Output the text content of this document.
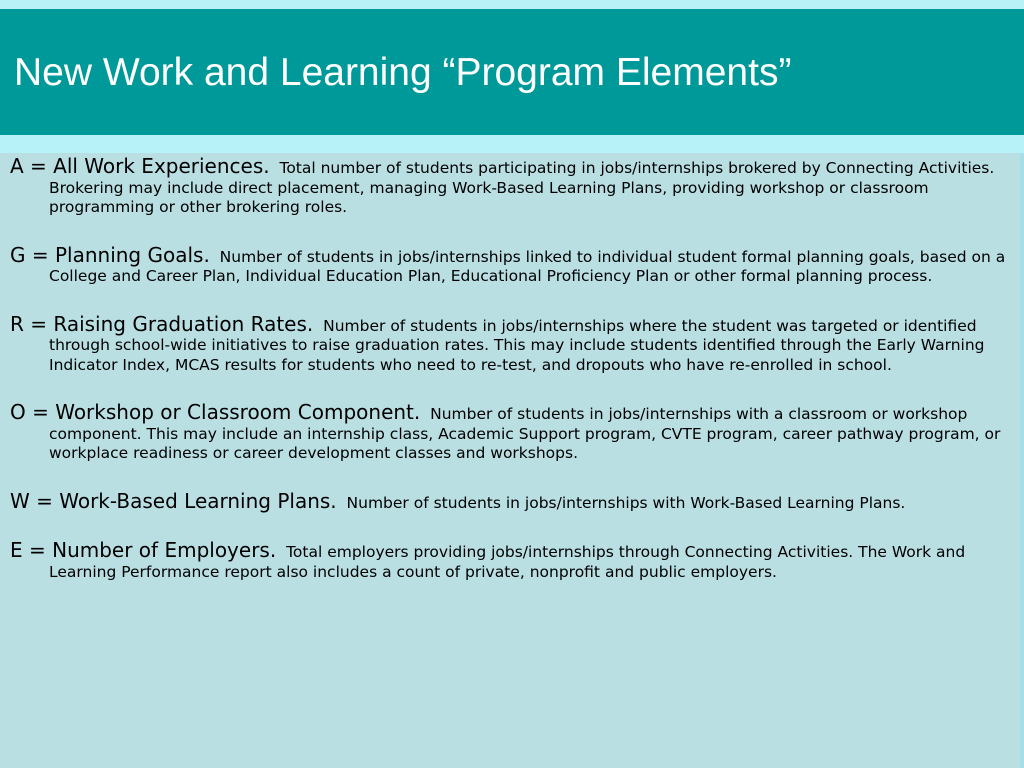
New Work and Learning “Program Elements”

A = All Work Experiences. Total number of students participating in jobs/internships brokered by Connecting Activities. Brokering may include direct placement, managing Work-Based Learning Plans, providing workshop or classroom programming or other brokering roles.

G = Planning Goals. Number of students in jobs/internships linked to individual student formal planning goals, based on a College and Career Plan, Individual Education Plan, Educational Proficiency Plan or other formal planning process.

R = Raising Graduation Rates. Number of students in jobs/internships where the student was targeted or identified through school-wide initiatives to raise graduation rates. This may include students identified through the Early Warning Indicator Index, MCAS results for students who need to re-test, and dropouts who have re-enrolled in school.

O = Workshop or Classroom Component. Number of students in jobs/internships with a classroom or workshop component. This may include an internship class, Academic Support program, CVTE program, career pathway program, or workplace readiness or career development classes and workshops.

W = Work-Based Learning Plans. Number of students in jobs/internships with Work-Based Learning Plans.

E = Number of Employers. Total employers providing jobs/internships through Connecting Activities. The Work and Learning Performance report also includes a count of private, nonprofit and public employers.
